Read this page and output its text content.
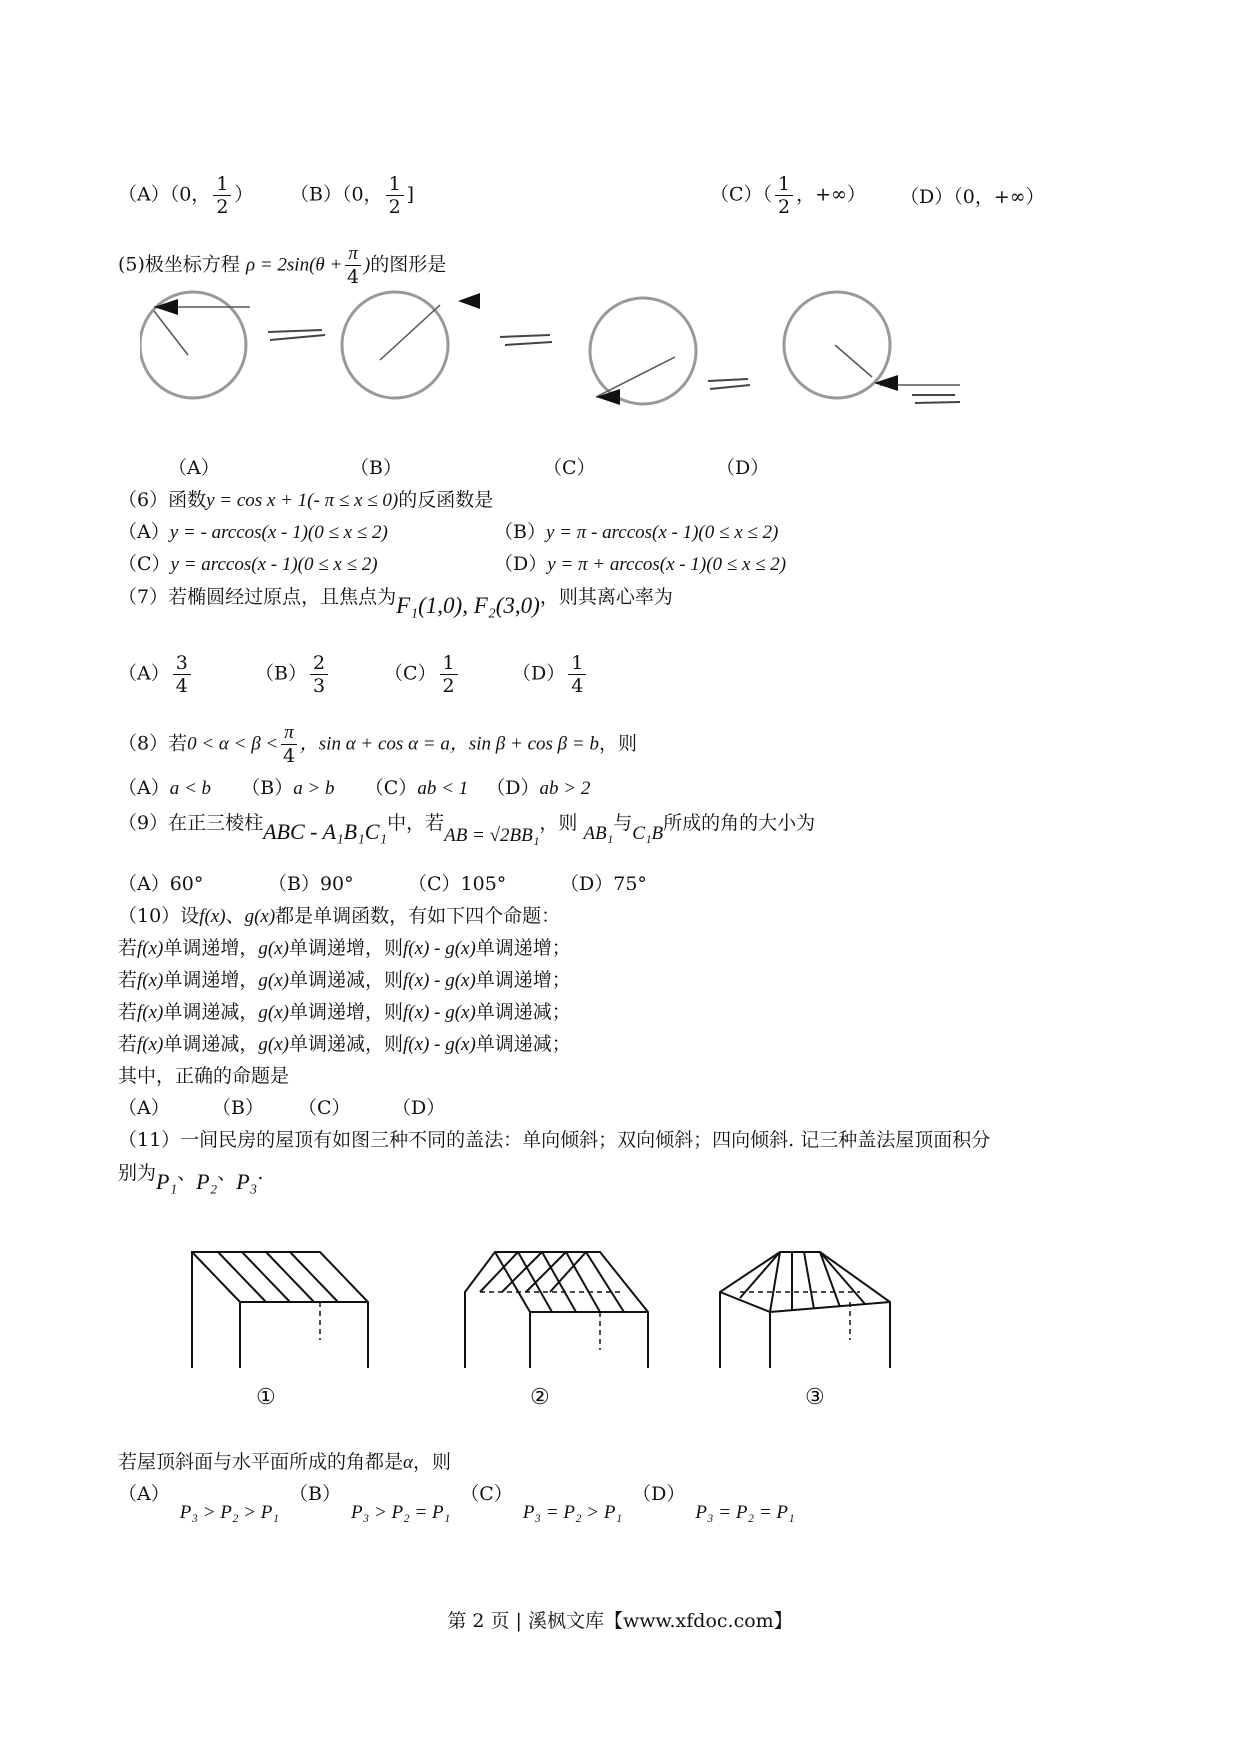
（A）（0， $\frac{1}{2}$ ） （B）（0， $\frac{1}{2}$ ]	$(C)( \frac{1}{2}$ ，+∞） （D）（0，+∞）
(5)极坐标方程 $\rho = 2\sin(\theta + \frac{\pi}{4}$ )的图形是
（A）	（B）	（C）	（D）
（6）函数y = cos x + 1(- π ≤ x ≤ 0)的反函数是
（A）y = - arccos(x - 1)(0 ≤ x ≤ 2)	（B）y = π - arccos(x - 1)(0 ≤ x ≤ 2)
（C）y = arccos(x - 1)(0 ≤ x ≤ 2)	（D）y = π + arccos(x - 1)(0 ≤ x ≤ 2)
（7）若椭圆经过原点，且焦点为F₁(1,0), F₂(3,0)，则其离心率为
$(A) \frac{3}{4}$	$(B) \frac{2}{3}$	$(C) \frac{1}{2}$	$(D) \frac{1}{4}$
（8）若$0 < \alpha < \beta < \frac{\pi}{4}$ ，sin α + cos α = a，sin β + cos β = b，则
（A）a < b （B）a > b （C）ab < 1 （D）ab > 2
（9）在正三棱柱ABC - A₁B₁C₁中，若AB = √2BB₁，则 AB₁与C₁B所成的角的大小为
（A）60°	（B）90°	（C）105°	（D）75°
（10）设f(x)、g(x)都是单调函数，有如下四个命题：
若f(x)单调递增，g(x)单调递增，则f(x) - g(x)单调递增；
若f(x)单调递增，g(x)单调递减，则f(x) - g(x)单调递增；
若f(x)单调递减，g(x)单调递增，则f(x) - g(x)单调递减；
若f(x)单调递减，g(x)单调递减，则f(x) - g(x)单调递减；
其中，正确的命题是
（A） （B） （C） （D）
（11）一间民房的屋顶有如图三种不同的盖法：单向倾斜；双向倾斜；四向倾斜. 记三种盖法屋顶面积分
别为P₁、P₂、P₃.
①	②	③
若屋顶斜面与水平面所成的角都是α，则
（A）P₃ > P₂ > P₁（B）P₃ > P₂ = P₁（C）P₃ = P₂ > P₁（D）P₃ = P₂ = P₁
第 2 页 | 溪枫文库【www.xfdoc.com】
